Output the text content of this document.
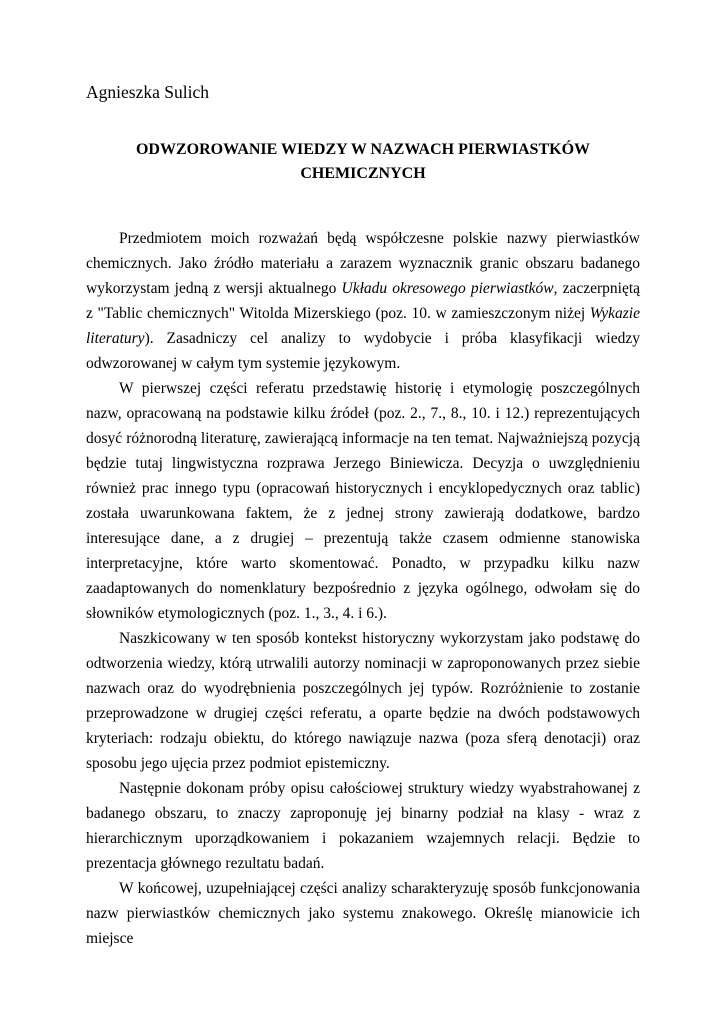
Agnieszka Sulich

ODWZOROWANIE WIEDZY W NAZWACH PIERWIASTKÓW
CHEMICZNYCH

Przedmiotem moich rozważań będą współczesne polskie nazwy pierwiastków chemicznych. Jako źródło materiału a zarazem wyznacznik granic obszaru badanego wykorzystam jedną z wersji aktualnego Układu okresowego pierwiastków, zaczerpniętą z "Tablic chemicznych" Witolda Mizerskiego (poz. 10. w zamieszczonym niżej Wykazie literatury). Zasadniczy cel analizy to wydobycie i próba klasyfikacji wiedzy odwzorowanej w całym tym systemie językowym.

W pierwszej części referatu przedstawię historię i etymologię poszczególnych nazw, opracowaną na podstawie kilku źródeł (poz. 2., 7., 8., 10. i 12.) reprezentujących dosyć różnorodną literaturę, zawierającą informacje na ten temat. Najważniejszą pozycją będzie tutaj lingwistyczna rozprawa Jerzego Biniewicza. Decyzja o uwzględnieniu również prac innego typu (opracowań historycznych i encyklopedycznych oraz tablic) została uwarunkowana faktem, że z jednej strony zawierają dodatkowe, bardzo interesujące dane, a z drugiej – prezentują także czasem odmienne stanowiska interpretacyjne, które warto skomentować. Ponadto, w przypadku kilku nazw zaadaptowanych do nomenklatury bezpośrednio z języka ogólnego, odwołam się do słowników etymologicznych (poz. 1., 3., 4. i 6.).

Naszkicowany w ten sposób kontekst historyczny wykorzystam jako podstawę do odtworzenia wiedzy, którą utrwalili autorzy nominacji w zaproponowanych przez siebie nazwach oraz do wyodrębnienia poszczególnych jej typów. Rozróżnienie to zostanie przeprowadzone w drugiej części referatu, a oparte będzie na dwóch podstawowych kryteriach: rodzaju obiektu, do którego nawiązuje nazwa (poza sferą denotacji) oraz sposobu jego ujęcia przez podmiot epistemiczny.

Następnie dokonam próby opisu całościowej struktury wiedzy wyabstrahowanej z badanego obszaru, to znaczy zaproponuję jej binarny podział na klasy - wraz z hierarchicznym uporządkowaniem i pokazaniem wzajemnych relacji. Będzie to prezentacja głównego rezultatu badań.

W końcowej, uzupełniającej części analizy scharakteryzuję sposób funkcjonowania nazw pierwiastków chemicznych jako systemu znakowego. Określę mianowicie ich miejsce
